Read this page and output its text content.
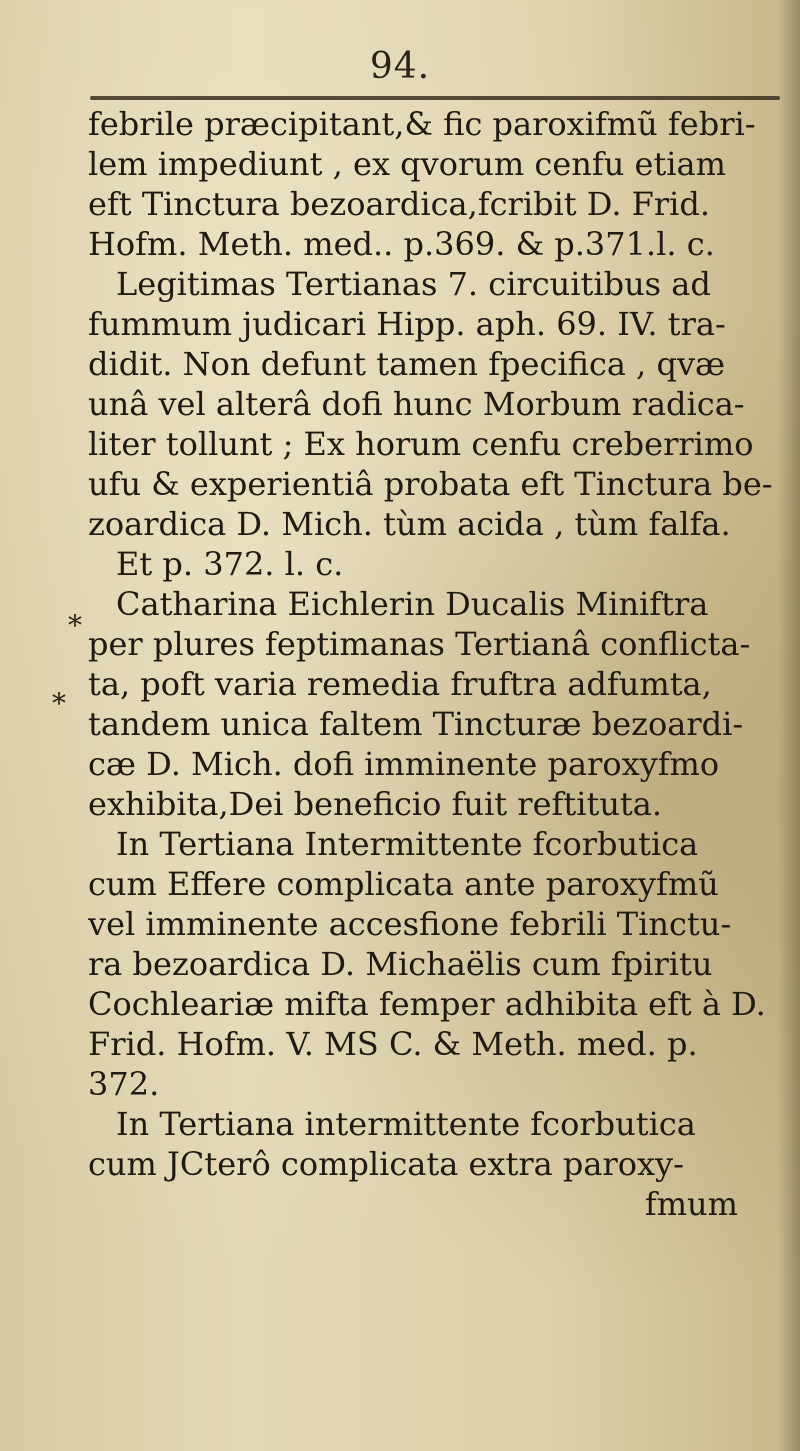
94.
*
*
febrile præcipitant,& fic paroxifmũ febri-
lem impediunt , ex qvorum cenfu etiam
eft Tinctura bezoardica,fcribit D. Frid.
Hofm. Meth. med.. p.369. & p.371.l. c.
Legitimas Tertianas 7. circuitibus ad
fummum judicari Hipp. aph. 69. IV. tra-
didit. Non defunt tamen fpecifica , qvæ
unâ vel alterâ dofi hunc Morbum radica-
liter tollunt ; Ex horum cenfu creberrimo
ufu & experientiâ probata eft Tinctura be-
zoardica D. Mich. tùm acida , tùm falfa.
Et p. 372. l. c.
Catharina Eichlerin Ducalis Miniftra
per plures feptimanas Tertianâ conflicta-
ta, poft varia remedia fruftra adfumta,
tandem unica faltem Tincturæ bezoardi-
cæ D. Mich. dofi imminente paroxyfmo
exhibita,Dei beneficio fuit reftituta.
In Tertiana Intermittente fcorbutica
cum Effere complicata ante paroxyfmũ
vel imminente accesfione febrili Tinctu-
ra bezoardica D. Michaëlis cum fpiritu
Cochleariæ mifta femper adhibita eft à D.
Frid. Hofm. V. MS C. & Meth. med. p.
372.
In Tertiana intermittente fcorbutica
cum JCterô complicata extra paroxy-
fmum
